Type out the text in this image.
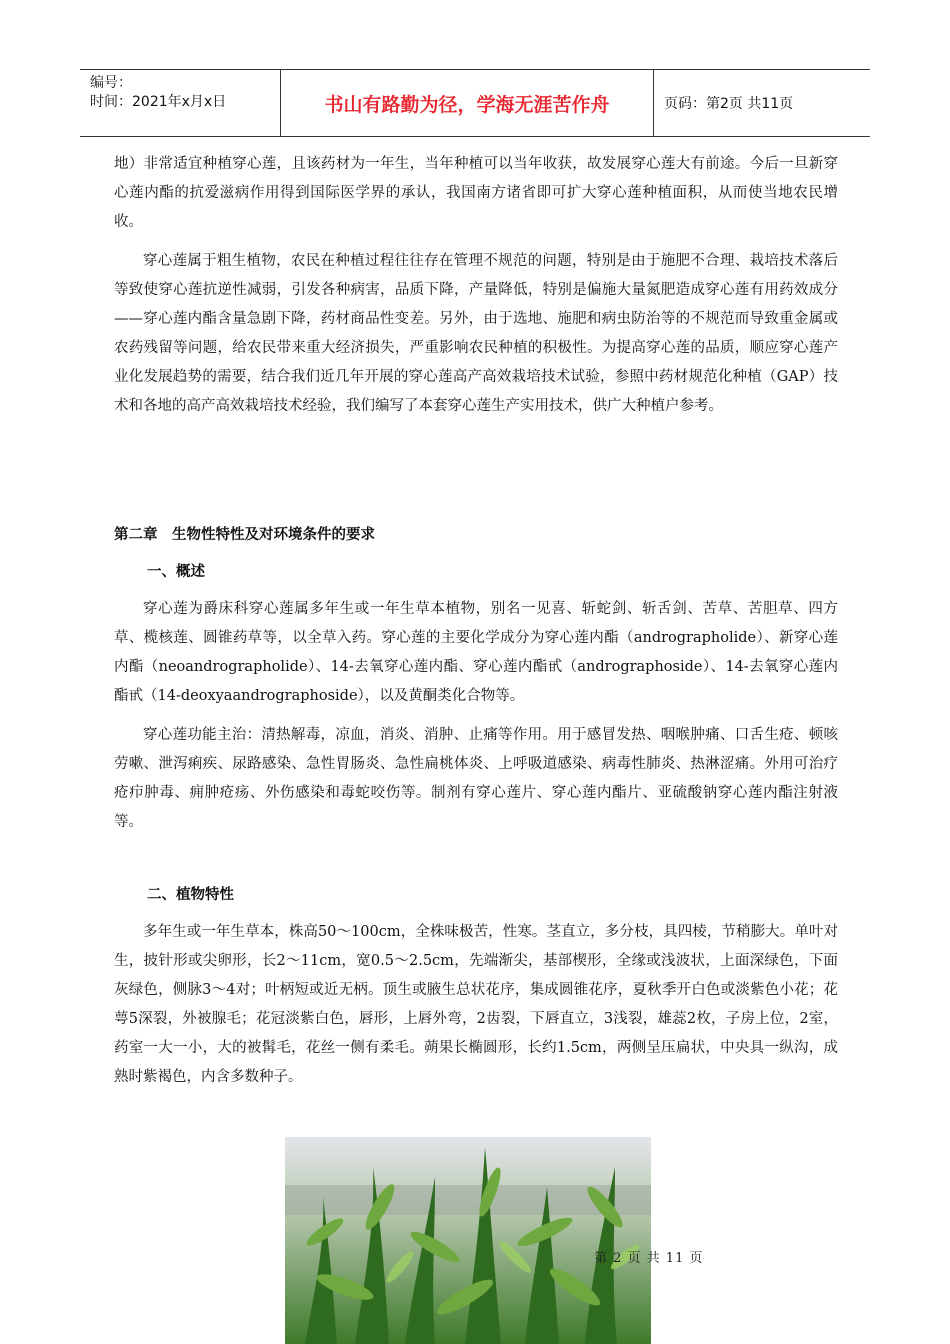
编号：
时间：2021年x月x日	书山有路勤为径，学海无涯苦作舟	页码：第2页 共11页

地）非常适宜种植穿心莲，且该药材为一年生，当年种植可以当年收获，故发展穿心莲大有前途。今后一旦新穿心莲内酯的抗爱滋病作用得到国际医学界的承认，我国南方诸省即可扩大穿心莲种植面积，从而使当地农民增收。

穿心莲属于粗生植物，农民在种植过程往往存在管理不规范的问题，特别是由于施肥不合理、栽培技术落后等致使穿心莲抗逆性减弱，引发各种病害，品质下降，产量降低，特别是偏施大量氮肥造成穿心莲有用药效成分——穿心莲内酯含量急剧下降，药材商品性变差。另外，由于选地、施肥和病虫防治等的不规范而导致重金属或农药残留等问题，给农民带来重大经济损失，严重影响农民种植的积极性。为提高穿心莲的品质，顺应穿心莲产业化发展趋势的需要，结合我们近几年开展的穿心莲高产高效栽培技术试验，参照中药材规范化种植（GAP）技术和各地的高产高效栽培技术经验，我们编写了本套穿心莲生产实用技术，供广大种植户参考。

第二章　生物性特性及对环境条件的要求

一、概述

穿心莲为爵床科穿心莲属多年生或一年生草本植物，别名一见喜、斩蛇剑、斩舌剑、苦草、苦胆草、四方草、榄核莲、圆锥药草等，以全草入药。穿心莲的主要化学成分为穿心莲内酯（andrographolide）、新穿心莲内酯（neoandrographolide）、14-去氧穿心莲内酯、穿心莲内酯甙（andrographoside）、14-去氧穿心莲内酯甙（14-deoxyaandrographoside），以及黄酮类化合物等。

穿心莲功能主治：清热解毒，凉血，消炎、消肿、止痛等作用。用于感冒发热、咽喉肿痛、口舌生疮、顿咳劳嗽、泄泻痢疾、尿路感染、急性胃肠炎、急性扁桃体炎、上呼吸道感染、病毒性肺炎、热淋涩痛。外用可治疗疮疖肿毒、痈肿疮疡、外伤感染和毒蛇咬伤等。制剂有穿心莲片、穿心莲内酯片、亚硫酸钠穿心莲内酯注射液等。

二、植物特性

多年生或一年生草本，株高50～100cm，全株味极苦，性寒。茎直立，多分枝，具四棱，节稍膨大。单叶对生，披针形或尖卵形，长2～11cm，宽0.5～2.5cm，先端渐尖，基部楔形，全缘或浅波状，上面深绿色，下面灰绿色，侧脉3～4对；叶柄短或近无柄。顶生或腋生总状花序，集成圆锥花序，夏秋季开白色或淡紫色小花；花萼5深裂，外被腺毛；花冠淡紫白色，唇形，上唇外弯，2齿裂，下唇直立，3浅裂，雄蕊2枚，子房上位，2室，药室一大一小，大的被髯毛，花丝一侧有柔毛。蒴果长椭圆形，长约1.5cm，两侧呈压扁状，中央具一纵沟，成熟时紫褐色，内含多数种子。

第 2 页 共 11 页
